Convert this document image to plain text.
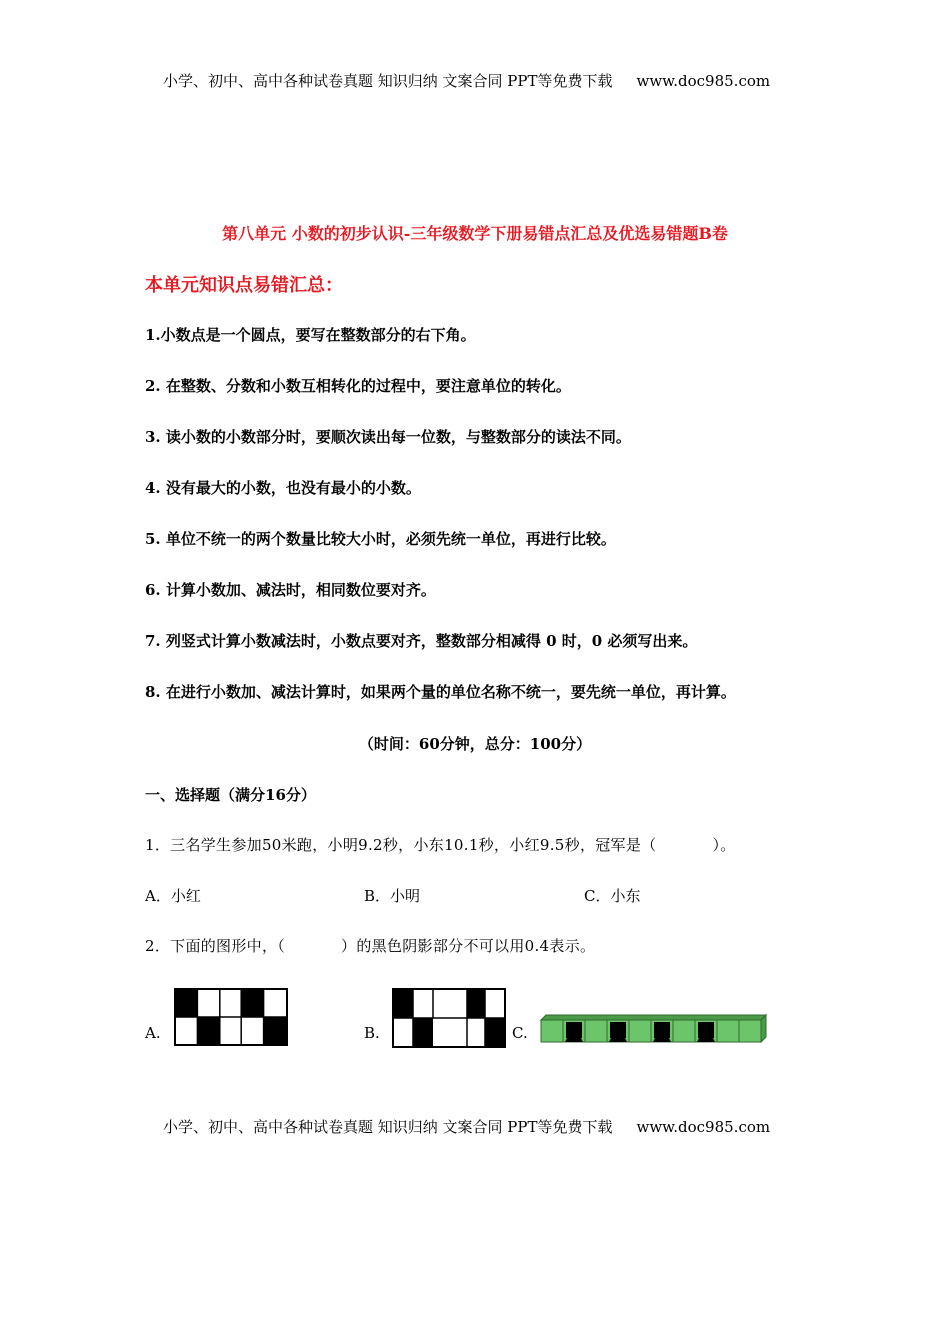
小学、初中、高中各种试卷真题 知识归纳 文案合同 PPT等免费下载 www.doc985.com
第八单元 小数的初步认识-三年级数学下册易错点汇总及优选易错题B卷
本单元知识点易错汇总：
1.小数点是一个圆点，要写在整数部分的右下角。
2. 在整数、分数和小数互相转化的过程中，要注意单位的转化。
3. 读小数的小数部分时，要顺次读出每一位数，与整数部分的读法不同。
4. 没有最大的小数，也没有最小的小数。
5. 单位不统一的两个数量比较大小时，必须先统一单位，再进行比较。
6. 计算小数加、减法时，相同数位要对齐。
7. 列竖式计算小数减法时，小数点要对齐，整数部分相减得 0 时，0 必须写出来。
8. 在进行小数加、减法计算时，如果两个量的单位名称不统一，要先统一单位，再计算。
（时间：60分钟，总分：100分）
一、选择题（满分16分）
1．三名学生参加50米跑，小明9.2秒，小东10.1秒，小红9.5秒，冠军是（	）。
A．小红	B．小明	C．小东
2．下面的图形中，（	）的黑色阴影部分不可以用0.4表示。
A.	B.	C.
小学、初中、高中各种试卷真题 知识归纳 文案合同 PPT等免费下载 www.doc985.com
